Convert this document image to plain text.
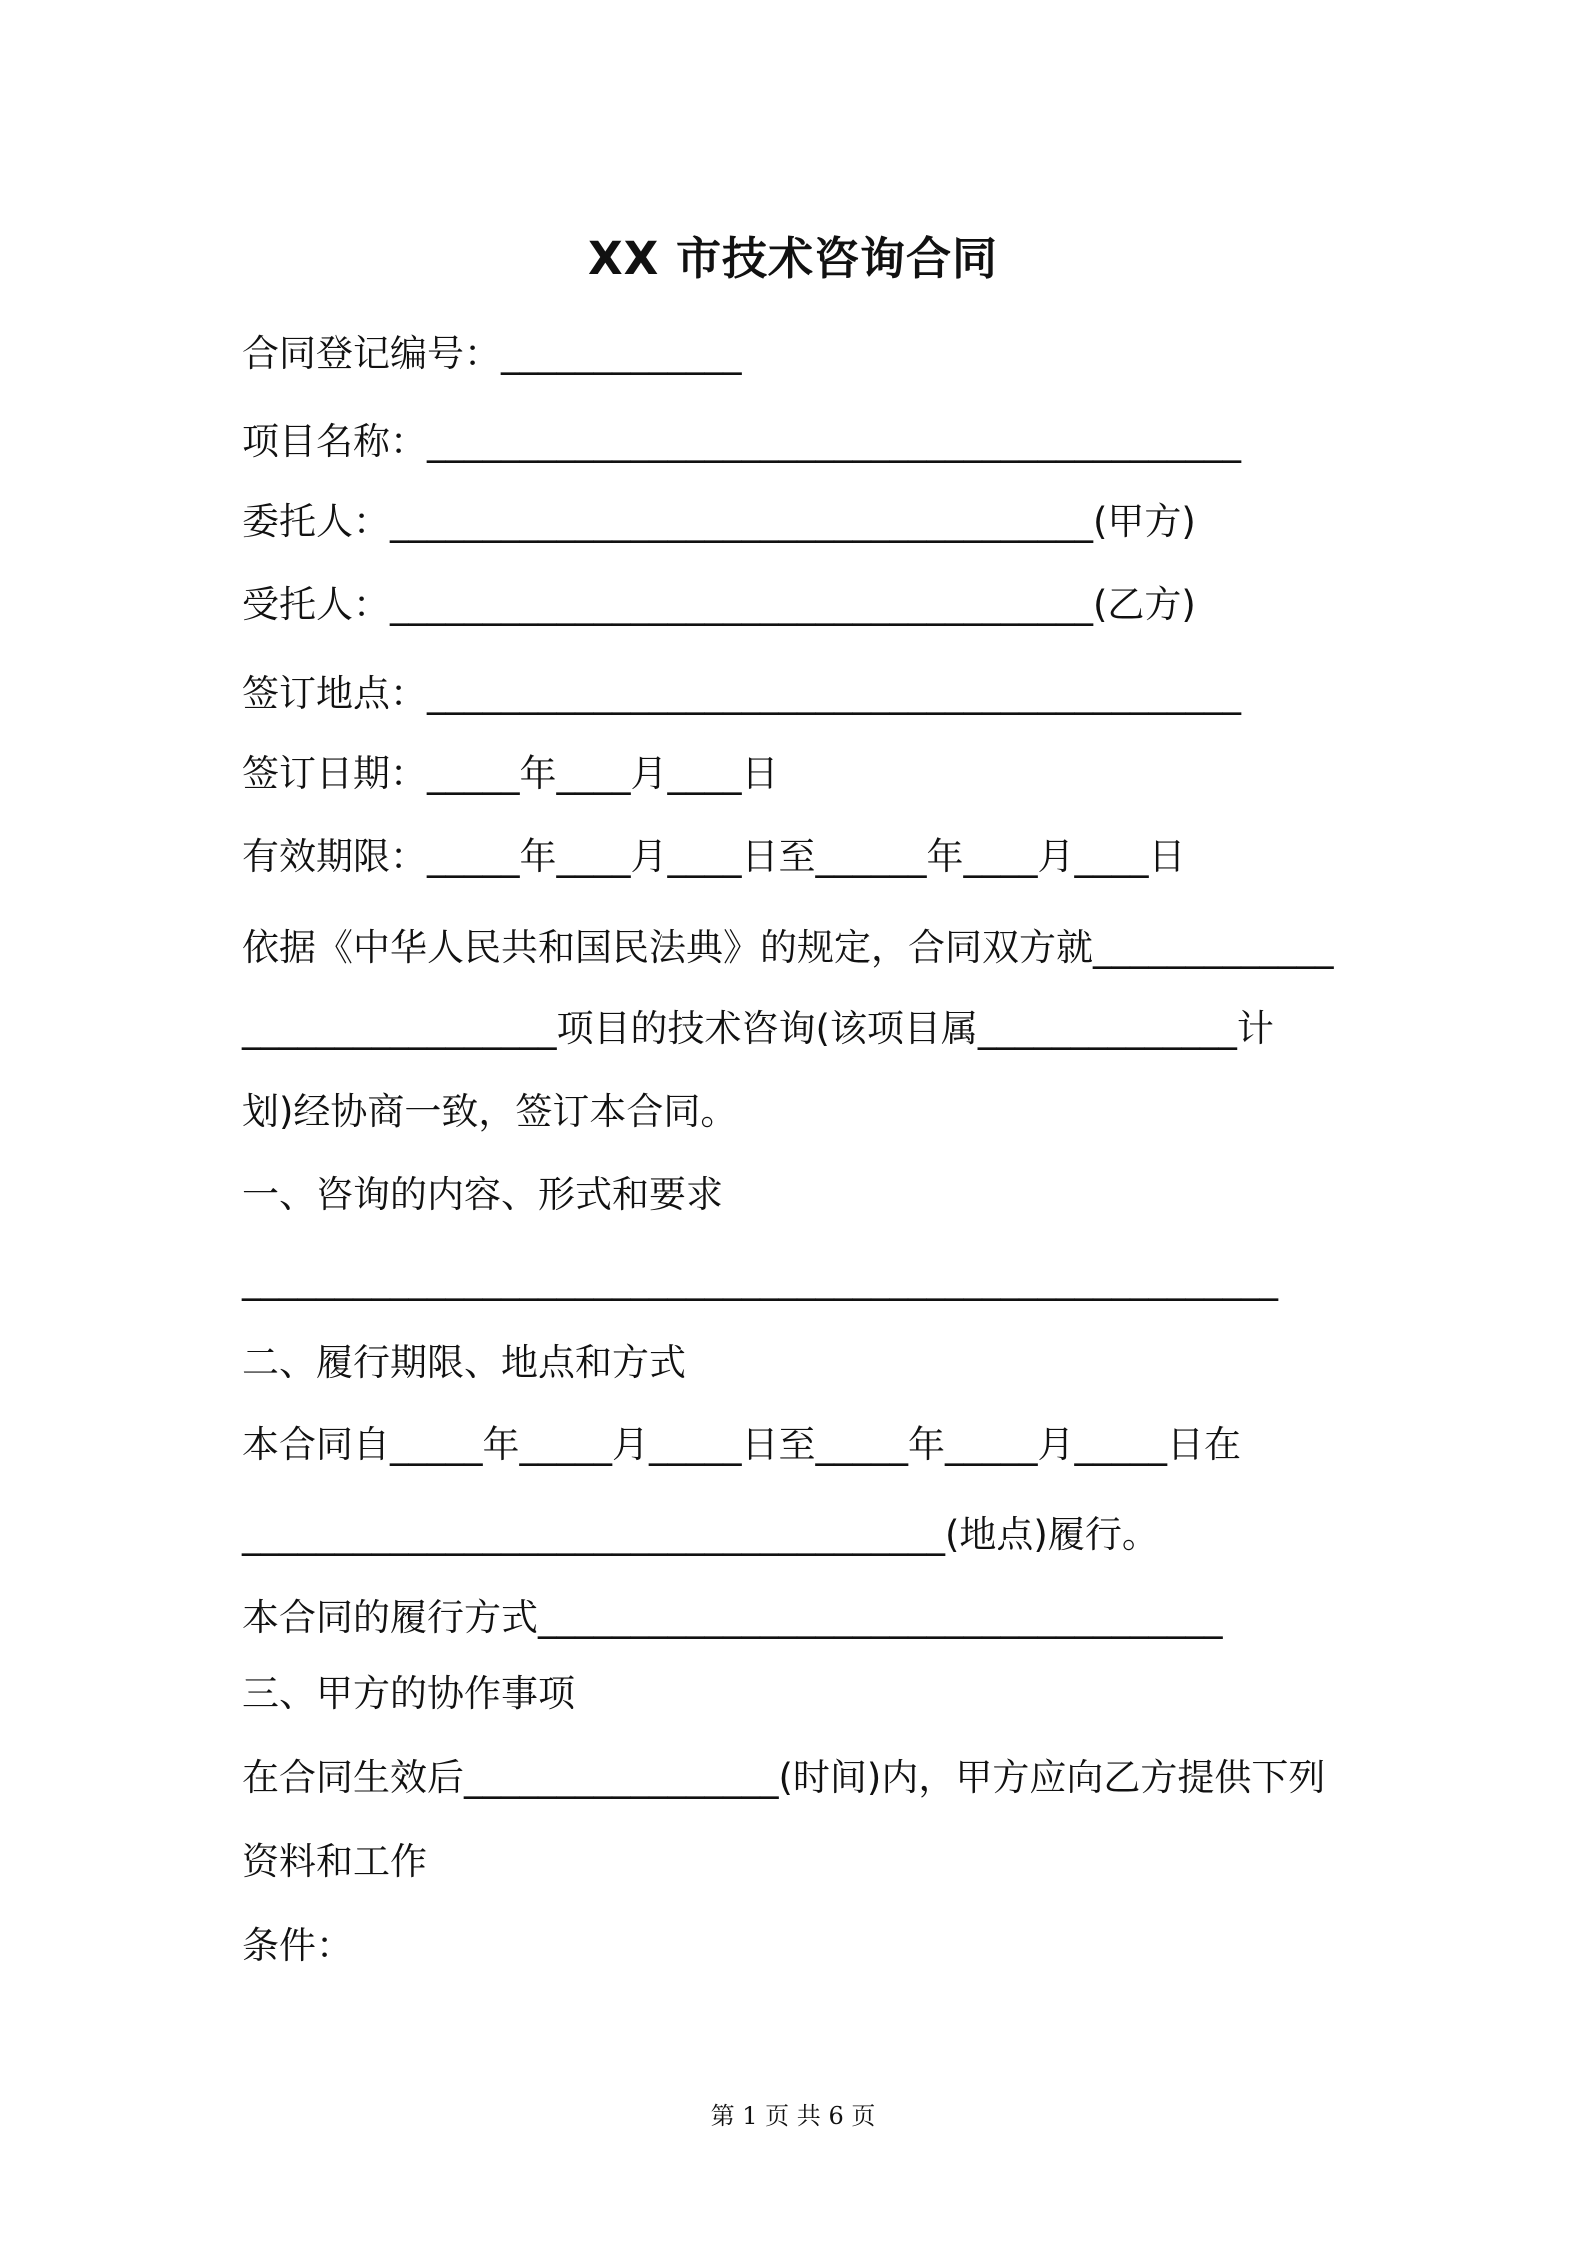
XX 市技术咨询合同
合同登记编号：_____________
项目名称：____________________________________________
委托人：______________________________________(甲方)
受托人：______________________________________(乙方)
签订地点：____________________________________________
签订日期：_____年____月____日
有效期限：_____年____月____日至______年____月____日
依据《中华人民共和国民法典》的规定，合同双方就_____________
_________________项目的技术咨询(该项目属______________计
划)经协商一致，签订本合同。
一、咨询的内容、形式和要求
________________________________________________________
二、履行期限、地点和方式
本合同自_____年_____月_____日至_____年_____月_____日在
______________________________________(地点)履行。
本合同的履行方式_____________________________________
三、甲方的协作事项
在合同生效后_________________(时间)内，甲方应向乙方提供下列
资料和工作
条件：
第 1 页 共 6 页
